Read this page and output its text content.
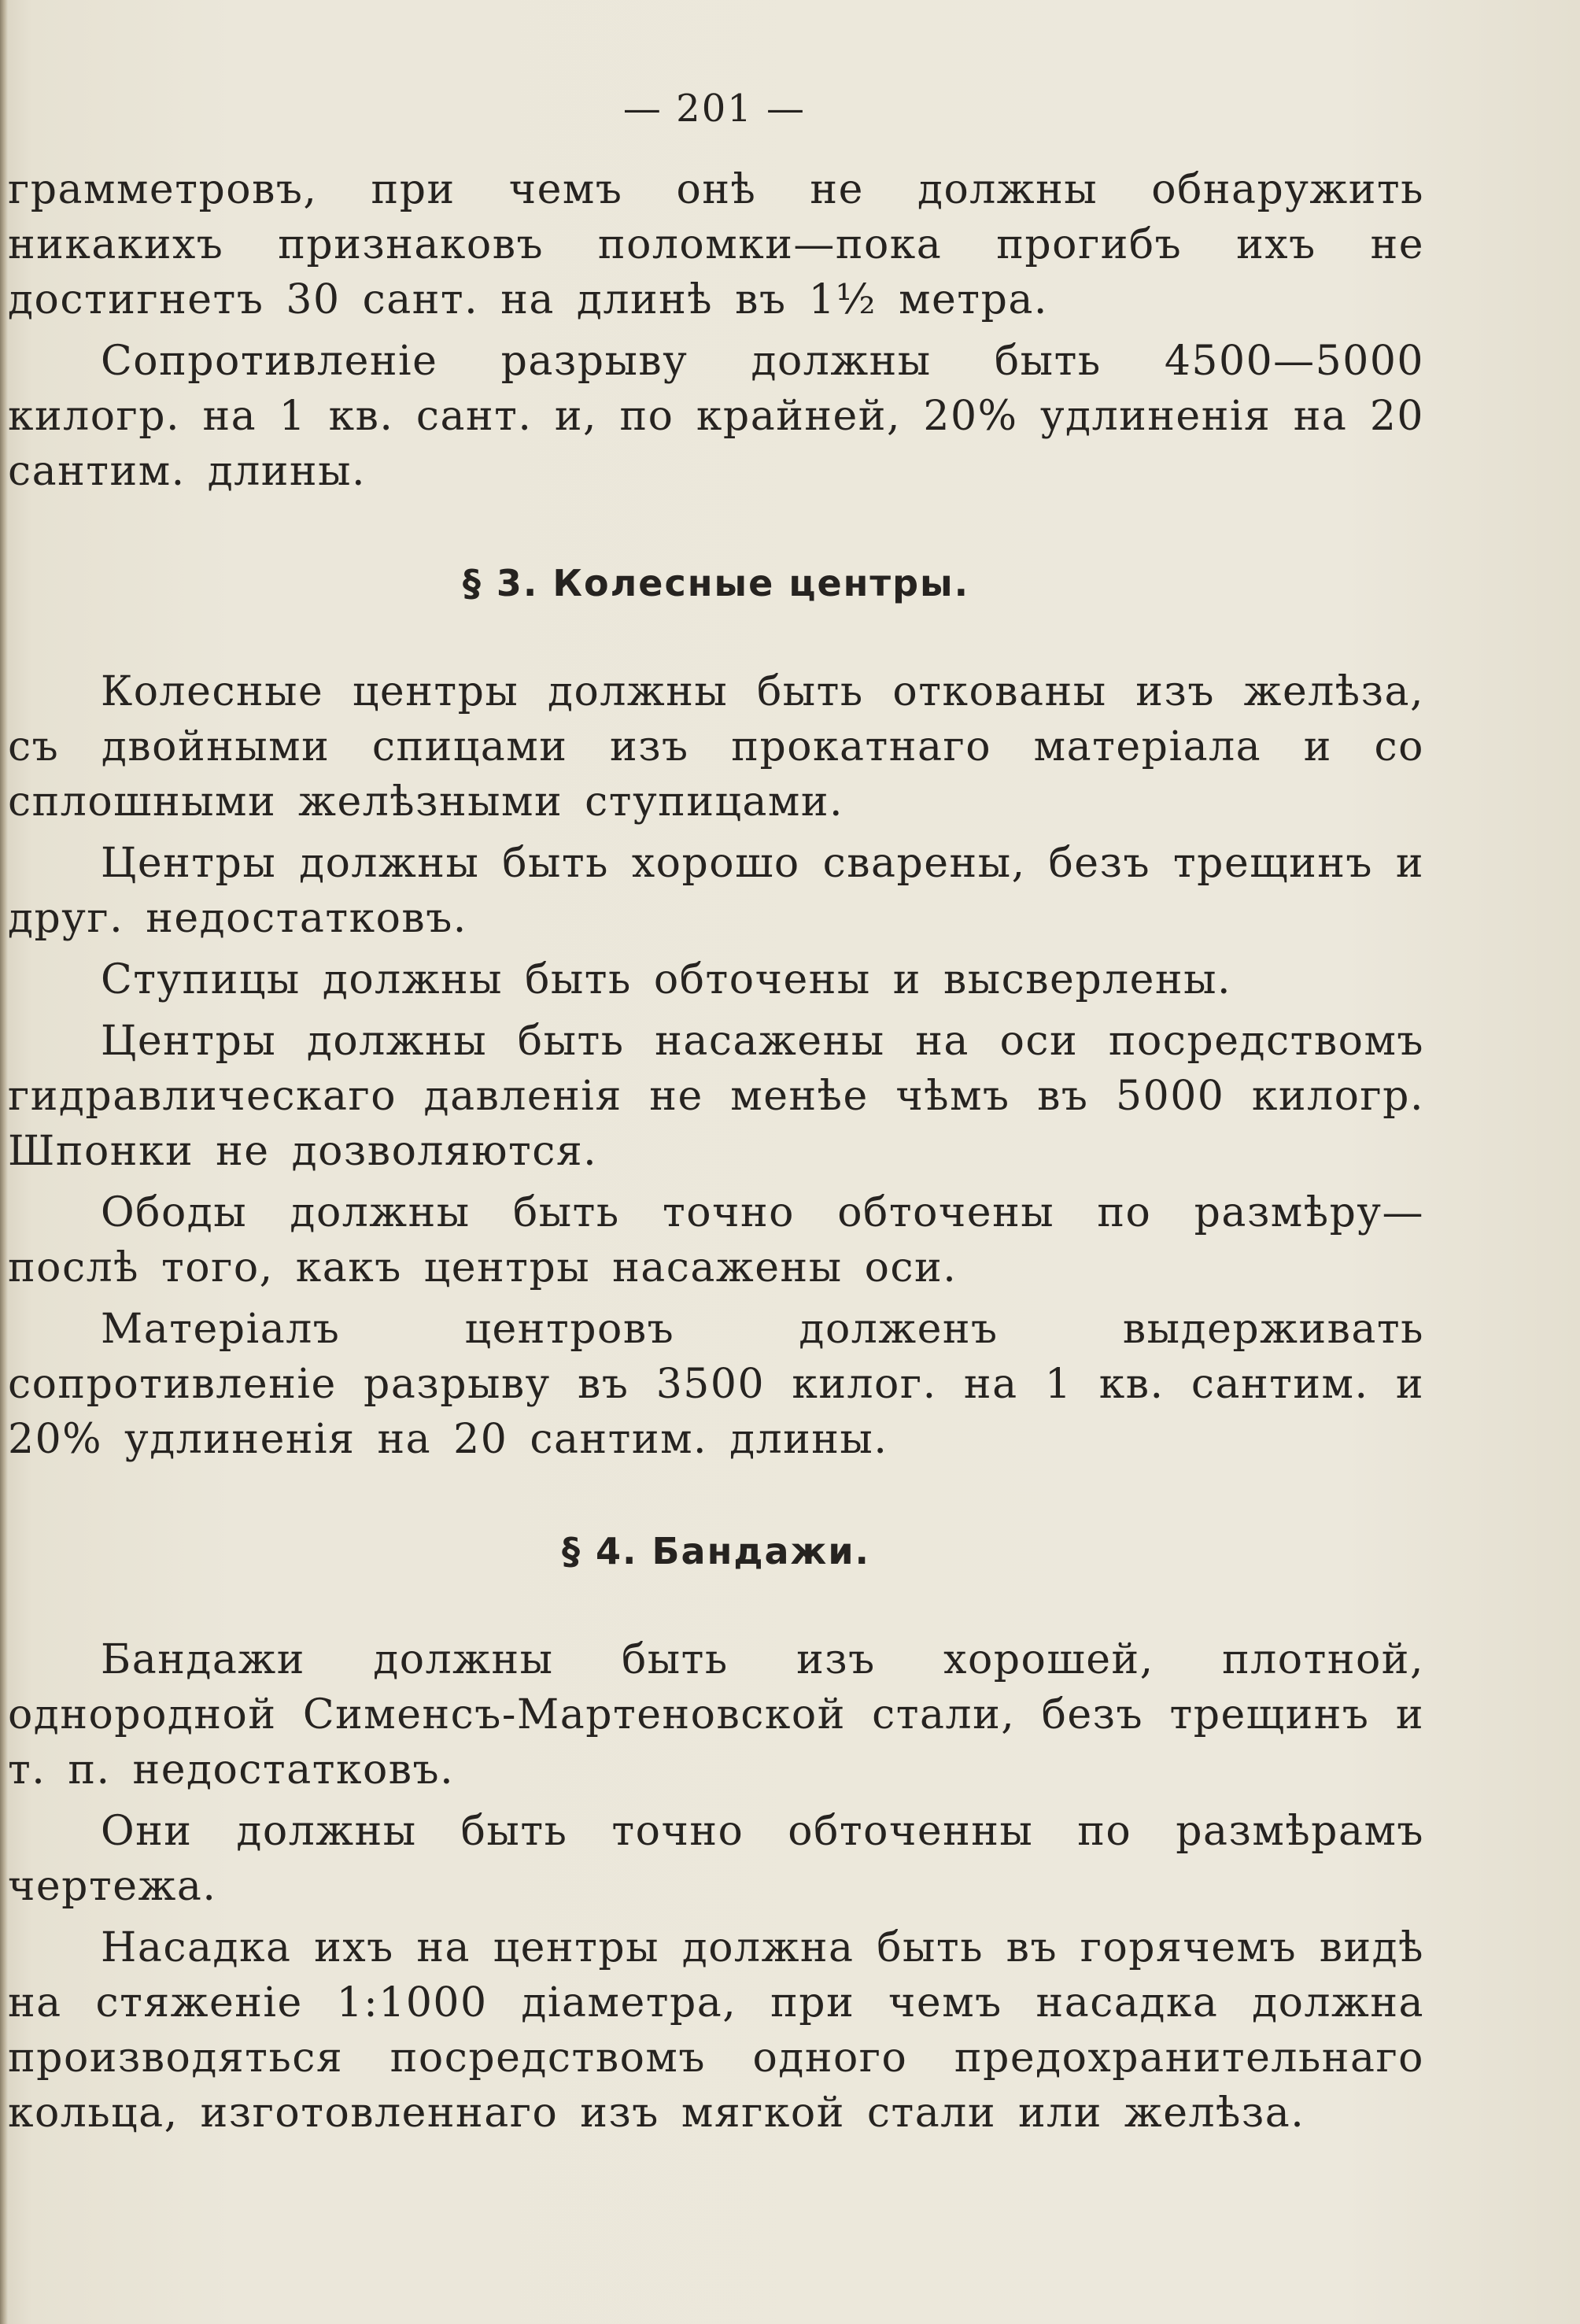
— 201 —

грамметровъ, при чемъ онѣ не должны обнаружить никакихъ признаковъ поломки—пока прогибъ ихъ не достигнетъ 30 сант. на длинѣ въ 1½ метра.

Сопротивленіе разрыву должны быть 4500—5000 килогр. на 1 кв. сант. и, по крайней, 20% удлиненія на 20 сантим. длины.

§ 3. Колесные центры.

Колесные центры должны быть откованы изъ желѣза, съ двойными спицами изъ прокатнаго матеріала и со сплошными желѣзными ступицами.

Центры должны быть хорошо сварены, безъ трещинъ и друг. недостатковъ.

Ступицы должны быть обточены и высверлены.

Центры должны быть насажены на оси посредствомъ гидравлическаго давленія не менѣе чѣмъ въ 5000 килогр. Шпонки не дозволяются.

Ободы должны быть точно обточены по размѣру—послѣ того, какъ центры насажены оси.

Матеріалъ центровъ долженъ выдерживать сопротивленіе разрыву въ 3500 килог. на 1 кв. сантим. и 20% удлиненія на 20 сантим. длины.

§ 4. Бандажи.

Бандажи должны быть изъ хорошей, плотной, однородной Сименсъ-Мартеновской стали, безъ трещинъ и т. п. недостатковъ.

Они должны быть точно обточенны по размѣрамъ чертежа.

Насадка ихъ на центры должна быть въ горячемъ видѣ на стяженіе 1:1000 діаметра, при чемъ насадка должна производяться посредствомъ одного предохранительнаго кольца, изготовленнаго изъ мягкой стали или желѣза.
